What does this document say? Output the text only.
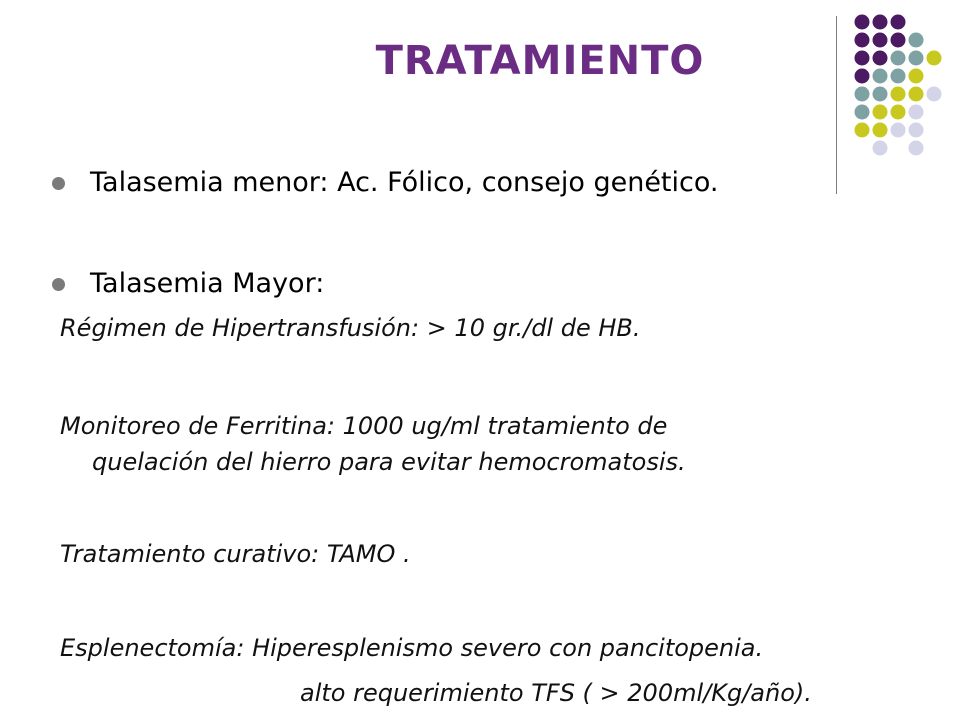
TRATAMIENTO
Talasemia menor: Ac. Fólico, consejo genético.
Talasemia Mayor:
Régimen de Hipertransfusión: > 10 gr./dl de HB.
Monitoreo de Ferritina: 1000 ug/ml tratamiento de
quelación del hierro para evitar hemocromatosis.
Tratamiento curativo: TAMO .
Esplenectomía: Hiperesplenismo severo con pancitopenia.
alto requerimiento TFS ( > 200ml/Kg/año).
